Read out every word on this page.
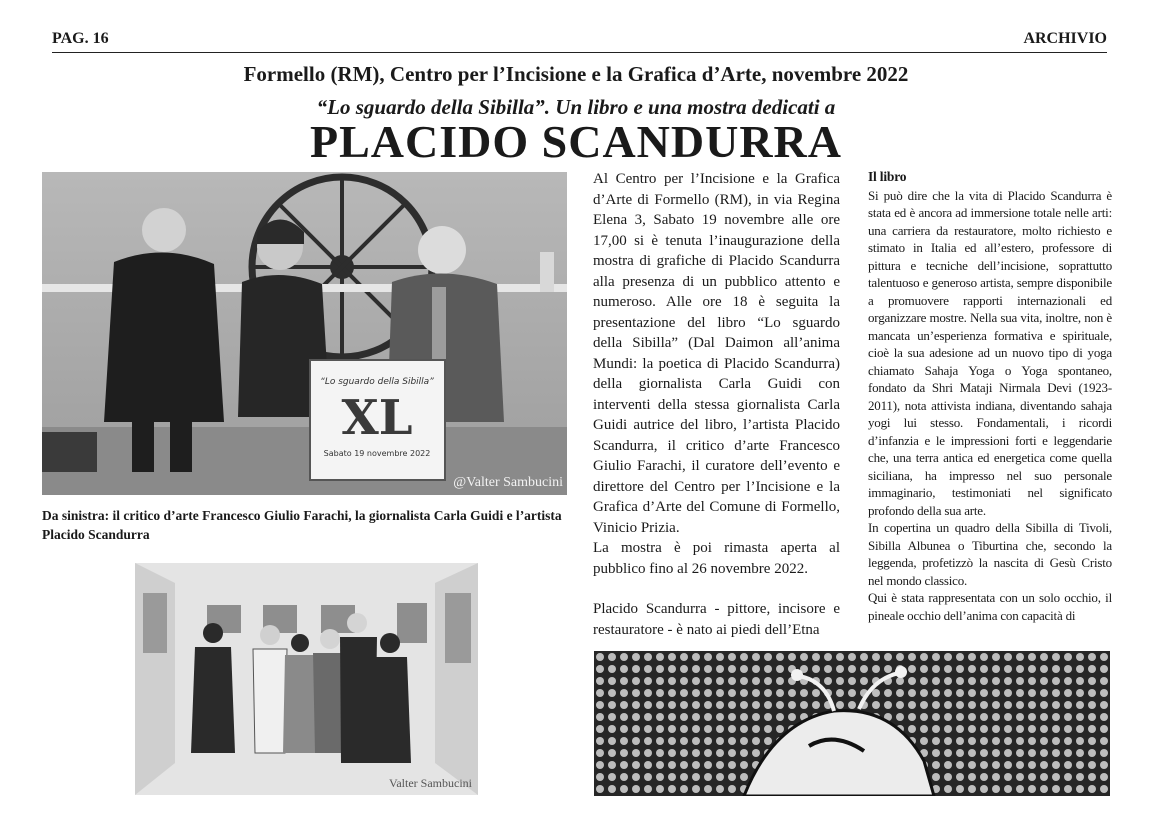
PAG. 16	ARCHIVIO
Formello (RM), Centro per l’Incisione e la Grafica d’Arte, novembre 2022
“Lo sguardo della Sibilla”. Un libro e una mostra dedicati a
PLACIDO SCANDURRA
“Lo sguardo della Sibilla”
XL
Sabato 19 novembre 2022
@Valter Sambucini
Da sinistra: il critico d’arte Francesco Giulio Farachi, la giornalista Carla Guidi e l’artista Placido Scandurra
Valter Sambucini

Al Centro per l’Incisione e la Grafica d’Arte di Formello (RM), in via Regina Elena 3, Sabato 19 novembre alle ore 17,00 si è tenuta l’inaugurazione della mostra di grafiche di Placido Scandurra alla presenza di un pubblico attento e numeroso. Alle ore 18 è seguita la presentazione del libro “Lo sguardo della Sibilla” (Dal Daimon all’anima Mundi: la poetica di Placido Scandurra) della giornalista Carla Guidi con interventi della stessa giornalista Carla Guidi autrice del libro, l’artista Placido Scandurra, il critico d’arte Francesco Giulio Farachi, il curatore dell’evento e direttore del Centro per l’Incisione e la Grafica d’Arte del Comune di Formello, Vinicio Prizia.

La mostra è poi rimasta aperta al pubblico fino al 26 novembre 2022.

Placido Scandurra - pittore, incisore e restauratore - è nato ai piedi dell’Etna

Il libro

Si può dire che la vita di Placido Scandurra è stata ed è ancora ad immersione totale nelle arti: una carriera da restauratore, molto richiesto e stimato in Italia ed all’estero, professore di pittura e tecniche dell’incisione, soprattutto talentuoso e generoso artista, sempre disponibile a promuovere rapporti internazionali ed organizzare mostre. Nella sua vita, inoltre, non è mancata un’esperienza formativa e spirituale, cioè la sua adesione ad un nuovo tipo di yoga chiamato Sahaja Yoga o Yoga spontaneo, fondato da Shri Mataji Nirmala Devi (1923-2011), nota attivista indiana, diventando sahaja yogi lui stesso. Fondamentali, i ricordi d’infanzia e le impressioni forti e leggendarie che, una terra antica ed energetica come quella siciliana, ha impresso nel suo personale immaginario, testimoniati nel significato profondo della sua arte.

In copertina un quadro della Sibilla di Tivoli, Sibilla Albunea o Tiburtina che, secondo la leggenda, profetizzò la nascita di Gesù Cristo nel mondo classico.

Qui è stata rappresentata con un solo occhio, il pineale occhio dell’anima con capacità di
